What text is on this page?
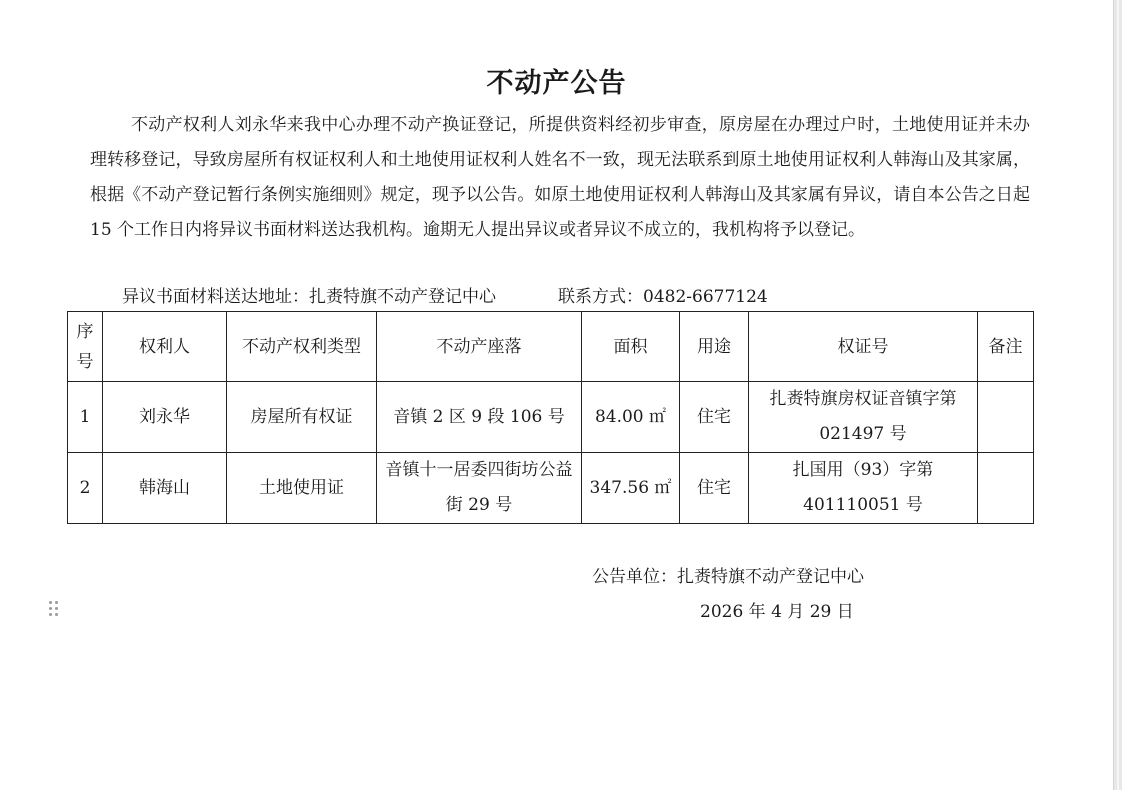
不动产公告
不动产权利人刘永华来我中心办理不动产换证登记，所提供资料经初步审查，原房屋在办理过户时，土地使用证并未办理转移登记，导致房屋所有权证权利人和土地使用证权利人姓名不一致，现无法联系到原土地使用证权利人韩海山及其家属，根据《不动产登记暂行条例实施细则》规定，现予以公告。如原土地使用证权利人韩海山及其家属有异议，请自本公告之日起 15 个工作日内将异议书面材料送达我机构。逾期无人提出异议或者异议不成立的，我机构将予以登记。
异议书面材料送达地址：扎赉特旗不动产登记中心	联系方式：0482-6677124
序号	权利人	不动产权利类型	不动产座落	面积	用途	权证号	备注
1	刘永华	房屋所有权证	音镇 2 区 9 段 106 号	84.00 ㎡	住宅	扎赉特旗房权证音镇字第 021497 号	
2	韩海山	土地使用证	音镇十一居委四街坊公益街 29 号	347.56 ㎡	住宅	扎国用（93）字第 401110051 号	
公告单位：扎赉特旗不动产登记中心
2026 年 4 月 29 日
